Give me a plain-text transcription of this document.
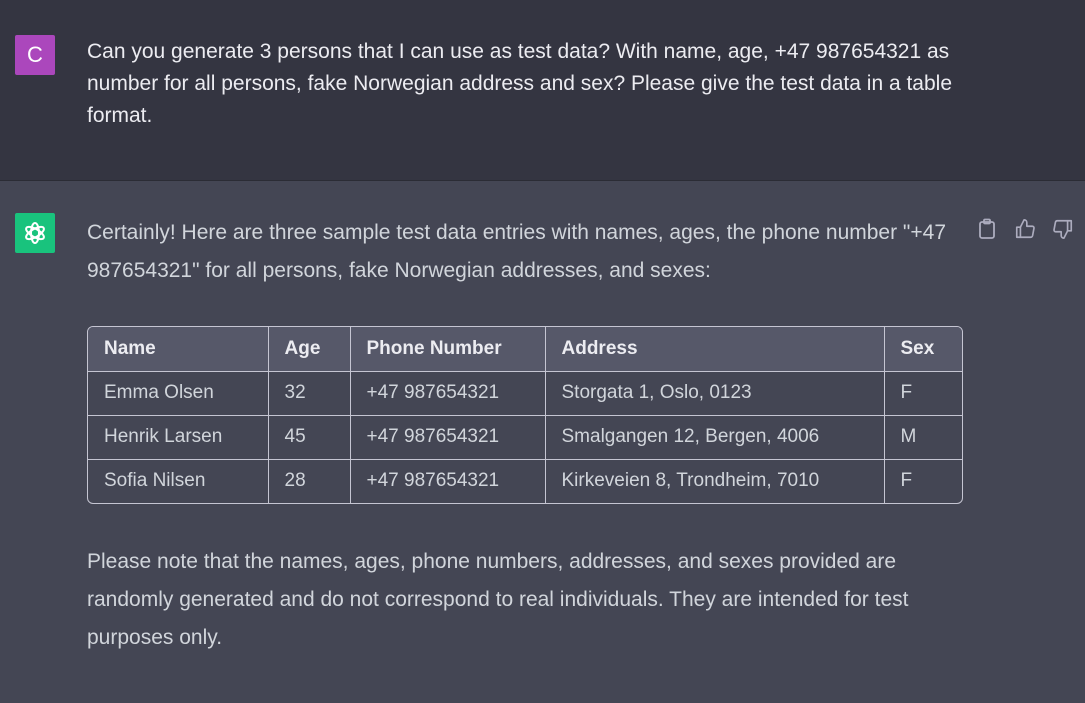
C Can you generate 3 persons that I can use as test data? With name, age, +47 987654321 as number for all persons, fake Norwegian address and sex? Please give the test data in a table format.
Certainly! Here are three sample test data entries with names, ages, the phone number "+47 987654321" for all persons, fake Norwegian addresses, and sexes:
Name	Age	Phone Number	Address	Sex
Emma Olsen	32	+47 987654321	Storgata 1, Oslo, 0123	F
Henrik Larsen	45	+47 987654321	Smalgangen 12, Bergen, 4006	M
Sofia Nilsen	28	+47 987654321	Kirkeveien 8, Trondheim, 7010	F
Please note that the names, ages, phone numbers, addresses, and sexes provided are randomly generated and do not correspond to real individuals. They are intended for test purposes only.
